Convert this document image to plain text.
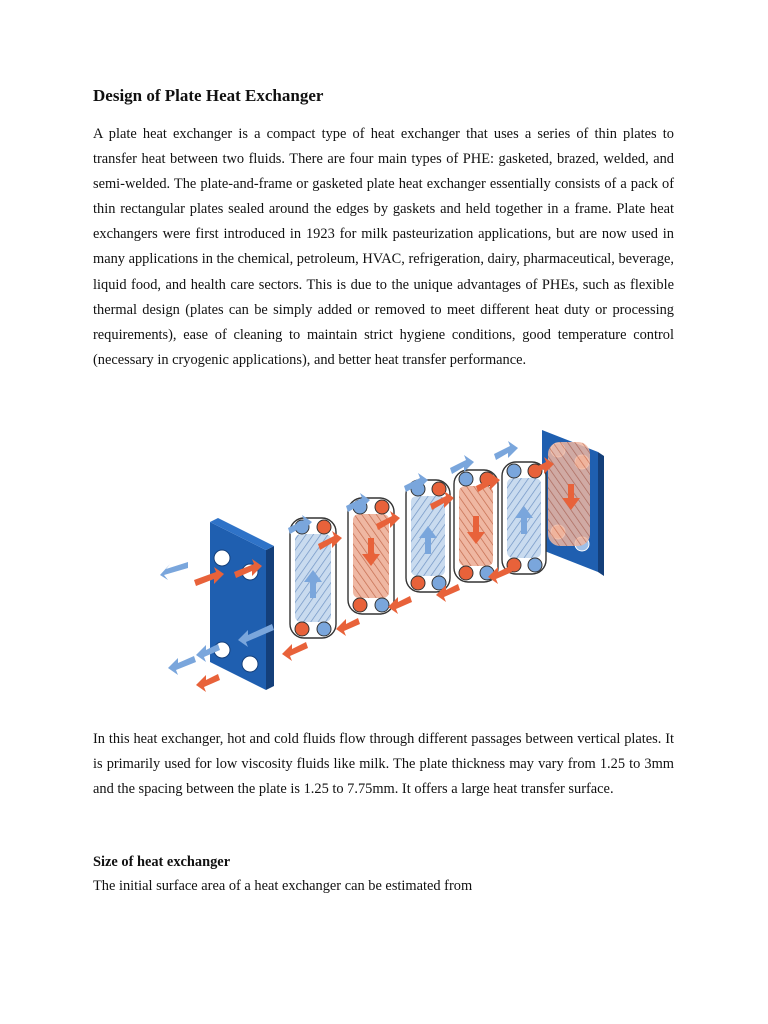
Design of Plate Heat Exchanger

A plate heat exchanger is a compact type of heat exchanger that uses a series of thin plates to transfer heat between two fluids. There are four main types of PHE: gasketed, brazed, welded, and semi-welded. The plate-and-frame or gasketed plate heat exchanger essentially consists of a pack of thin rectangular plates sealed around the edges by gaskets and held together in a frame. Plate heat exchangers were first introduced in 1923 for milk pasteurization applications, but are now used in many applications in the chemical, petroleum, HVAC, refrigeration, dairy, pharmaceutical, beverage, liquid food, and health care sectors. This is due to the unique advantages of PHEs, such as flexible thermal design (plates can be simply added or removed to meet different heat duty or processing requirements), ease of cleaning to maintain strict hygiene conditions, good temperature control (necessary in cryogenic applications), and better heat transfer performance.

In this heat exchanger, hot and cold fluids flow through different passages between vertical plates. It is primarily used for low viscosity fluids like milk. The plate thickness may vary from 1.25 to 3mm and the spacing between the plate is 1.25 to 7.75mm. It offers a large heat transfer surface.

Size of heat exchanger

The initial surface area of a heat exchanger can be estimated from
